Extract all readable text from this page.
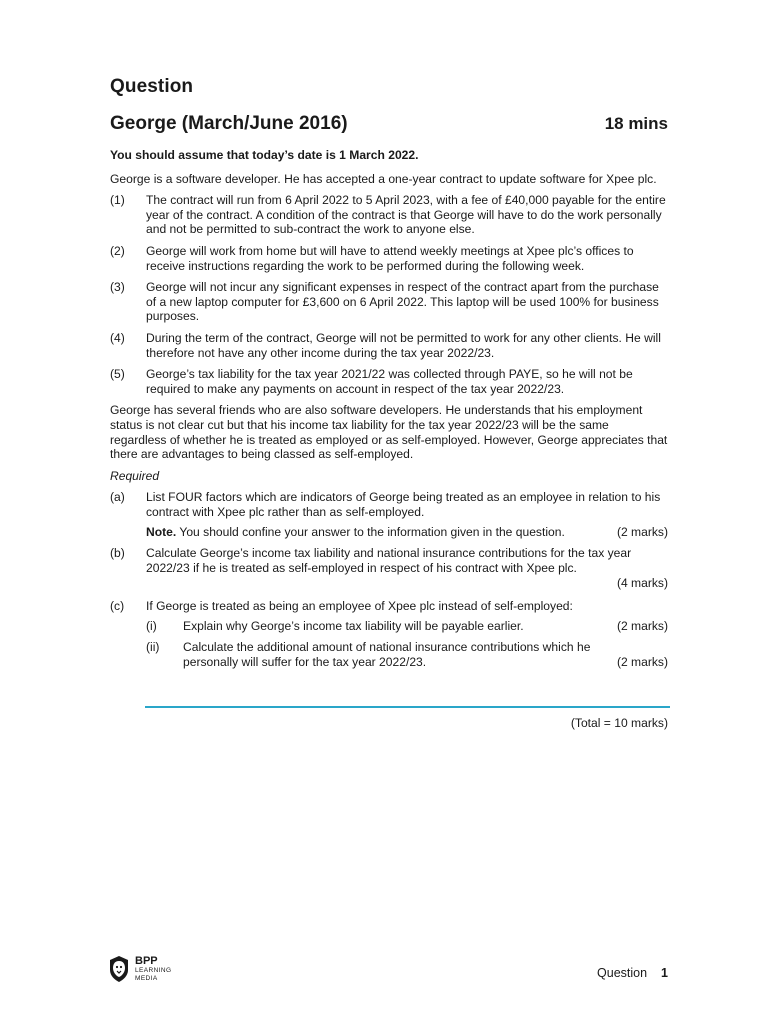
Question
George (March/June 2016)	18 mins

You should assume that today’s date is 1 March 2022.

George is a software developer. He has accepted a one-year contract to update software for Xpee plc.

(1)	The contract will run from 6 April 2022 to 5 April 2023, with a fee of £40,000 payable for the entire year of the contract. A condition of the contract is that George will have to do the work personally and not be permitted to sub-contract the work to anyone else.
(2)	George will work from home but will have to attend weekly meetings at Xpee plc’s offices to receive instructions regarding the work to be performed during the following week.
(3)	George will not incur any significant expenses in respect of the contract apart from the purchase of a new laptop computer for £3,600 on 6 April 2022. This laptop will be used 100% for business purposes.
(4)	During the term of the contract, George will not be permitted to work for any other clients. He will therefore not have any other income during the tax year 2022/23.
(5)	George’s tax liability for the tax year 2021/22 was collected through PAYE, so he will not be required to make any payments on account in respect of the tax year 2022/23.

George has several friends who are also software developers. He understands that his employment status is not clear cut but that his income tax liability for the tax year 2022/23 will be the same regardless of whether he is treated as employed or as self-employed. However, George appreciates that there are advantages to being classed as self-employed.

Required

(a)	List FOUR factors which are indicators of George being treated as an employee in relation to his contract with Xpee plc rather than as self-employed.
Note. You should confine your answer to the information given in the question.	(2 marks)
(b)	Calculate George’s income tax liability and national insurance contributions for the tax year 2022/23 if he is treated as self-employed in respect of his contract with Xpee plc.
(4 marks)
(c)	If George is treated as being an employee of Xpee plc instead of self-employed:
(i)	Explain why George’s income tax liability will be payable earlier.	(2 marks)
(ii)	Calculate the additional amount of national insurance contributions which he
personally will suffer for the tax year 2022/23.	(2 marks)
(Total = 10 marks)
BPP
LEARNING
MEDIA	Question 1
